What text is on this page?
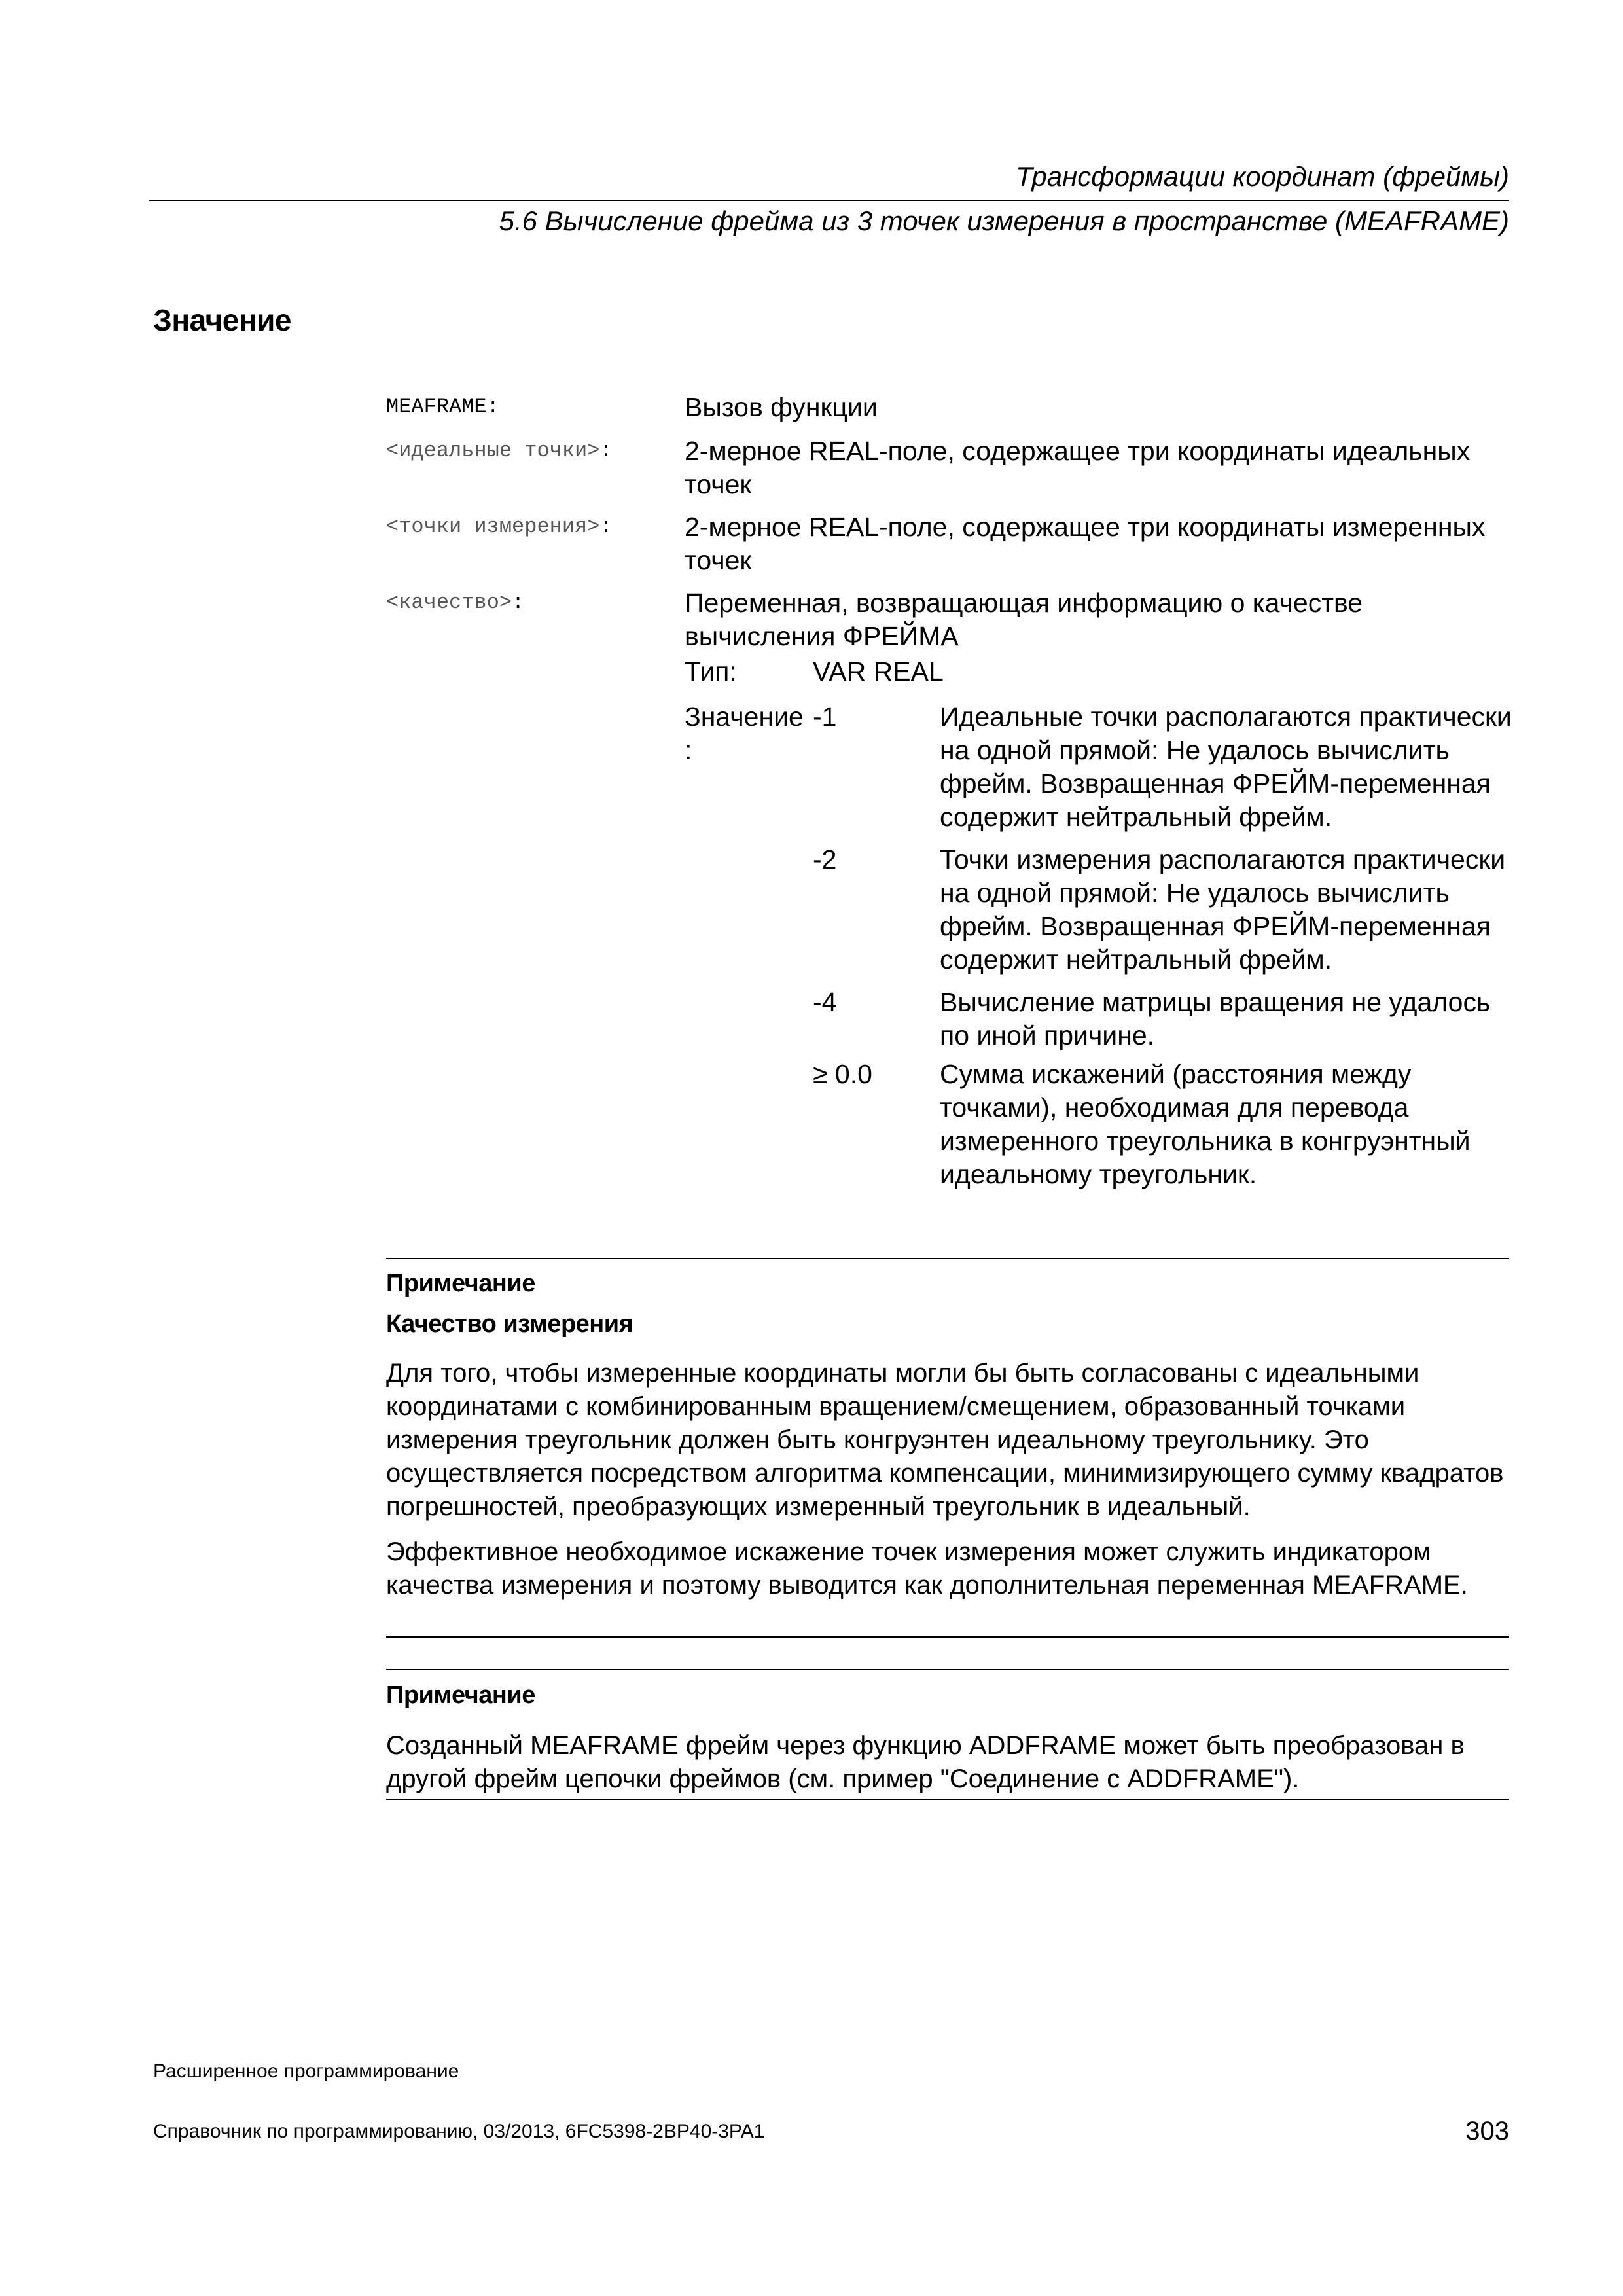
Трансформации координат (фреймы)
5.6 Вычисление фрейма из 3 точек измерения в пространстве (MEAFRAME)
Значение
MEAFRAME:	Вызов функции
<идеальные точки>:	2-мерное REAL-поле, содержащее три координаты идеальных точек
<точки измерения>:	2-мерное REAL-поле, содержащее три координаты измеренных точек
<качество>:	Переменная, возвращающая информацию о качестве вычисления ФРЕЙМА
Тип:	VAR REAL
Значение :
-1	Идеальные точки располагаются практически на одной прямой: Не удалось вычислить фрейм. Возвращенная ФРЕЙМ-переменная содержит нейтральный фрейм.
-2	Точки измерения располагаются практически на одной прямой: Не удалось вычислить фрейм. Возвращенная ФРЕЙМ-переменная содержит нейтральный фрейм.
-4	Вычисление матрицы вращения не удалось по иной причине.
≥ 0.0	Сумма искажений (расстояния между точками), необходимая для перевода измеренного треугольника в конгруэнтный идеальному треугольник.
Примечание
Качество измерения
Для того, чтобы измеренные координаты могли бы быть согласованы с идеальными координатами с комбинированным вращением/смещением, образованный точками измерения треугольник должен быть конгруэнтен идеальному треугольнику. Это осуществляется посредством алгоритма компенсации, минимизирующего сумму квадратов погрешностей, преобразующих измеренный треугольник в идеальный.
Эффективное необходимое искажение точек измерения может служить индикатором качества измерения и поэтому выводится как дополнительная переменная MEAFRAME.
Примечание
Созданный MEAFRAME фрейм через функцию ADDFRAME может быть преобразован в другой фрейм цепочки фреймов (см. пример "Соединение с ADDFRAME").
Расширенное программирование
Справочник по программированию, 03/2013, 6FC5398-2BP40-3PA1	303
